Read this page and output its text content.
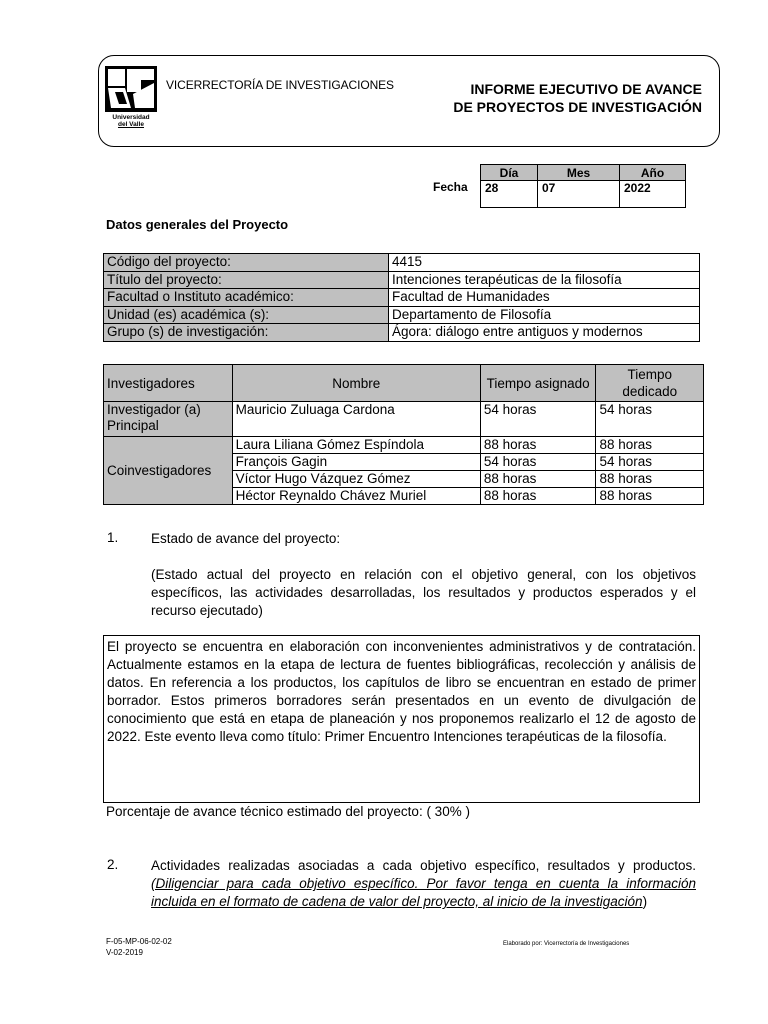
Universidad
del Valle
VICERRECTORÍA DE INVESTIGACIONES	INFORME EJECUTIVO DE AVANCE
DE PROYECTOS DE INVESTIGACIÓN
Fecha
Día	Mes	Año
28	07	2022
Datos generales del Proyecto
Código del proyecto:	4415
Título del proyecto:	Intenciones terapéuticas de la filosofía
Facultad o Instituto académico:	Facultad de Humanidades
Unidad (es) académica (s):	Departamento de Filosofía
Grupo (s) de investigación:	Ágora: diálogo entre antiguos y modernos
Investigadores	Nombre	Tiempo asignado	Tiempo dedicado
Investigador (a) Principal	Mauricio Zuluaga Cardona	54 horas	54 horas
Coinvestigadores	Laura Liliana Gómez Espíndola	88 horas	88 horas
	François Gagin	54 horas	54 horas
	Víctor Hugo Vázquez Gómez	88 horas	88 horas
	Héctor Reynaldo Chávez Muriel	88 horas	88 horas
1. Estado de avance del proyecto:
(Estado actual del proyecto en relación con el objetivo general, con los objetivos específicos, las actividades desarrolladas, los resultados y productos esperados y el recurso ejecutado)
El proyecto se encuentra en elaboración con inconvenientes administrativos y de contratación. Actualmente estamos en la etapa de lectura de fuentes bibliográficas, recolección y análisis de datos. En referencia a los productos, los capítulos de libro se encuentran en estado de primer borrador. Estos primeros borradores serán presentados en un evento de divulgación de conocimiento que está en etapa de planeación y nos proponemos realizarlo el 12 de agosto de 2022. Este evento lleva como título: Primer Encuentro Intenciones terapéuticas de la filosofía.
Porcentaje de avance técnico estimado del proyecto: ( 30% )
2. Actividades realizadas asociadas a cada objetivo específico, resultados y productos. (Diligenciar para cada objetivo específico. Por favor tenga en cuenta la información incluida en el formato de cadena de valor del proyecto, al inicio de la investigación)
F-05-MP-06-02-02
V-02-2019
Elaborado por: Vicerrectoría de Investigaciones
